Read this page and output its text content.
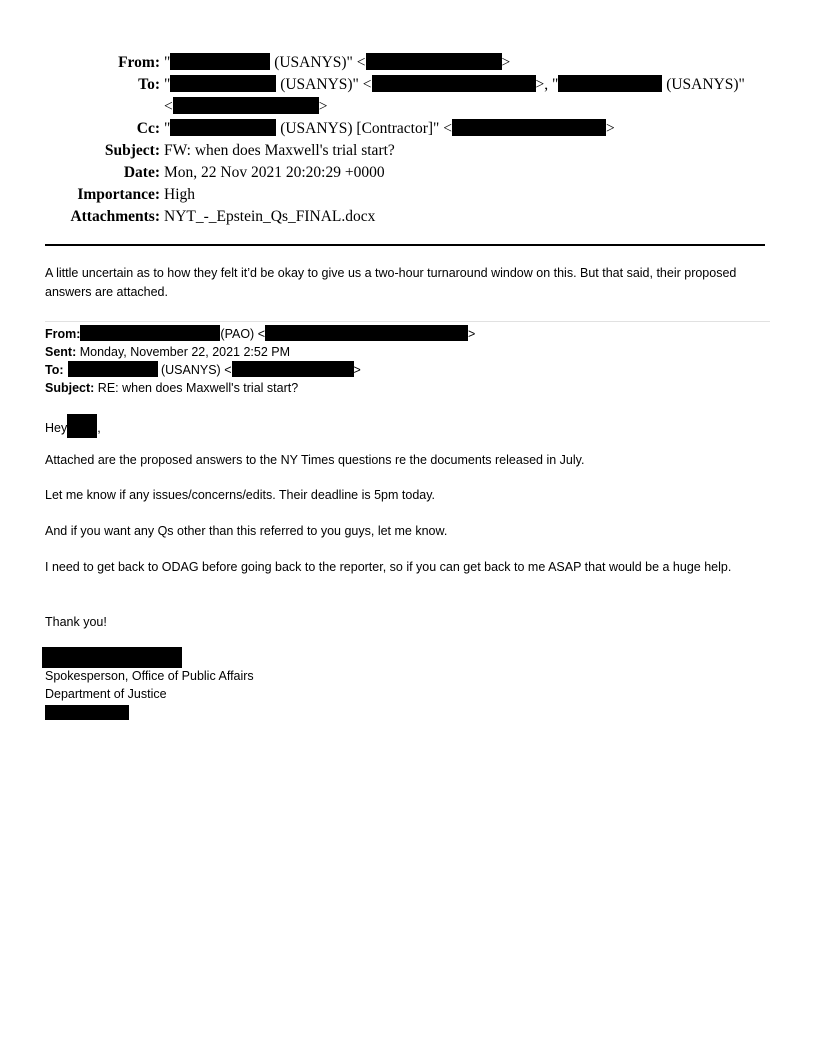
From: "	(USANYS)" <	>
To: "	(USANYS)" <	>, "	(USANYS)"
<	>
Cc: "	(USANYS) [Contractor]" <	>
Subject: FW: when does Maxwell's trial start?
Date: Mon, 22 Nov 2021 20:20:29 +0000
Importance: High
Attachments: NYT_-_Epstein_Qs_FINAL.docx

A little uncertain as to how they felt it’d be okay to give us a two-hour turnaround window on this. But that said, their proposed answers are attached.

From:	(PAO) <	>
Sent: Monday, November 22, 2021 2:52 PM
To:	(USANYS) <	>
Subject: RE: when does Maxwell's trial start?
Hey ,
Attached are the proposed answers to the NY Times questions re the documents released in July.
Let me know if any issues/concerns/edits. Their deadline is 5pm today.
And if you want any Qs other than this referred to you guys, let me know.
I need to get back to ODAG before going back to the reporter, so if you can get back to me ASAP that would be a huge help.
Thank you!
Spokesperson, Office of Public Affairs
Department of Justice
